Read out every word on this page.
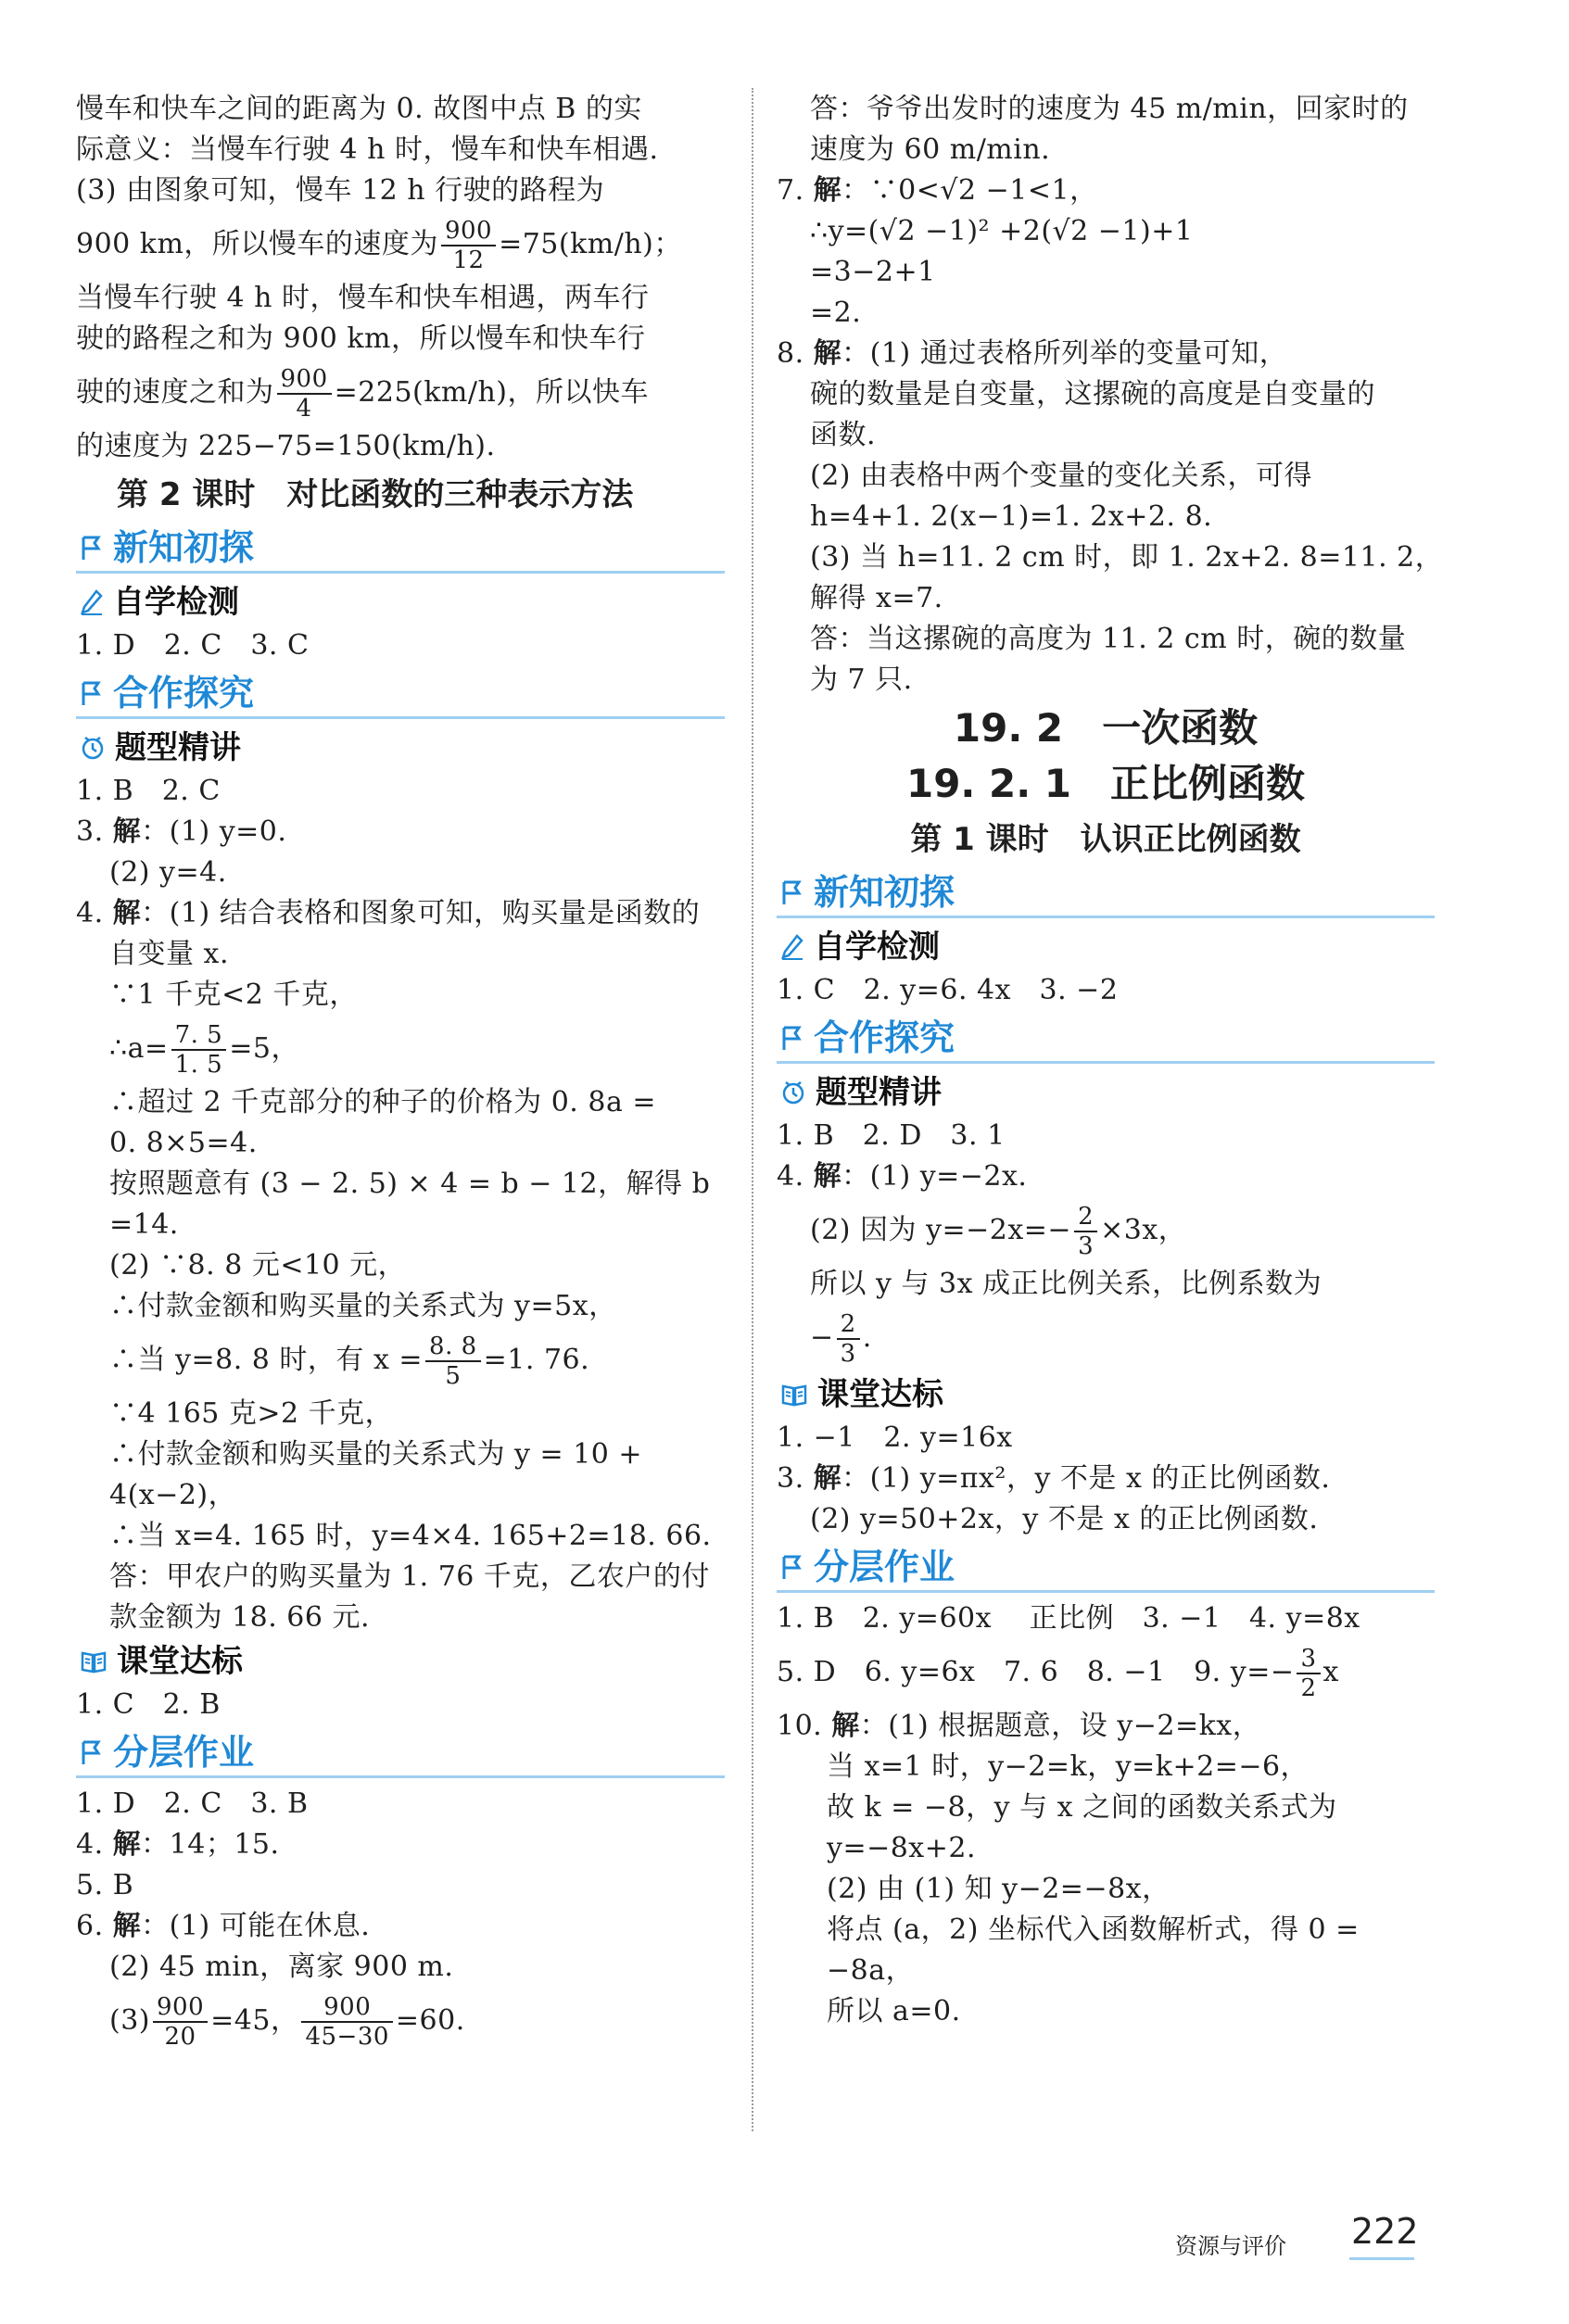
慢车和快车之间的距离为 0. 故图中点 B 的实
际意义：当慢车行驶 4 h 时，慢车和快车相遇.
(3) 由图象可知，慢车 12 h 行驶的路程为
900 km，所以慢车的速度为 $\frac{900}{12} =75(km/h)$；
当慢车行驶 4 h 时，慢车和快车相遇，两车行
驶的路程之和为 900 km，所以慢车和快车行
驶的速度之和为 $\frac{900}{4} =225(km/h)$，所以快车
的速度为 225−75=150(km/h).
第 2 课时　对比函数的三种表示方法
新知初探
自学检测
1. D　2. C　3. C
合作探究
题型精讲
1. B　2. C
3. 解：(1) y=0.
(2) y=4.
4. 解：(1) 结合表格和图象可知，购买量是函数的
自变量 x.
∵1 千克<2 千克，
∴a= $\frac{7. 5}{1. 5} =5$，
∴超过 2 千克部分的种子的价格为 0. 8a =
0. 8×5=4.
按照题意有 (3 − 2. 5) × 4 = b − 12，解得 b
=14.
(2) ∵8. 8 元<10 元，
∴付款金额和购买量的关系式为 y=5x，
∴当 y=8. 8 时，有 $x = \frac{8. 8}{5} =1$. 76.
∵4 165 克>2 千克，
∴付款金额和购买量的关系式为 y = 10 +
4(x−2)，
∴当 x=4. 165 时，y=4×4. 165+2=18. 66.
答：甲农户的购买量为 1. 76 千克，乙农户的付
款金额为 18. 66 元.
课堂达标
1. C　2. B
分层作业
1. D　2. C　3. B
4. 解：14；15.
5. B
6. 解：(1) 可能在休息.
(2) 45 min，离家 900 m.
$(3) \frac{900}{20} =45$， $\frac{900}{45-30} =60$.
答：爷爷出发时的速度为 45 m/min，回家时的
速度为 60 m/min.
7. 解：∵0<√2 −1<1，
∴y=(√2 −1)² +2(√2 −1)+1
=3−2+1
=2.
8. 解：(1) 通过表格所列举的变量可知，
碗的数量是自变量，这摞碗的高度是自变量的
函数.
(2) 由表格中两个变量的变化关系，可得
h=4+1. 2(x−1)=1. 2x+2. 8.
(3) 当 h=11. 2 cm 时，即 1. 2x+2. 8=11. 2，
解得 x=7.
答：当这摞碗的高度为 11. 2 cm 时，碗的数量
为 7 只.
19. 2　一次函数
19. 2. 1　正比例函数
第 1 课时　认识正比例函数
新知初探
自学检测
1. C　2. y=6. 4x　3. −2
合作探究
题型精讲
1. B　2. D　3. 1
4. 解：(1) y=−2x.
(2) 因为 $y=-2x=- \frac{2}{3} \times 3x$，
所以 y 与 3x 成正比例关系，比例系数为
− $\frac{2}{3}$ .
课堂达标
1. −1　2. y=16x
3. 解：(1) y=πx²，y 不是 x 的正比例函数.
(2) y=50+2x，y 不是 x 的正比例函数.
分层作业
1. B　2. y=60x　 正比例　3. −1　4. y=8x
5. D　6. y=6x　7. 6　8. −1　9. $y=- \frac{3}{2}$ x
10. 解：(1) 根据题意，设 y−2=kx，
当 x=1 时，y−2=k，y=k+2=−6，
故 k = −8，y 与 x 之间的函数关系式为
y=−8x+2.
(2) 由 (1) 知 y−2=−8x，
将点 (a，2) 坐标代入函数解析式，得 0 =
−8a，
所以 a=0.
资源与评价 222
